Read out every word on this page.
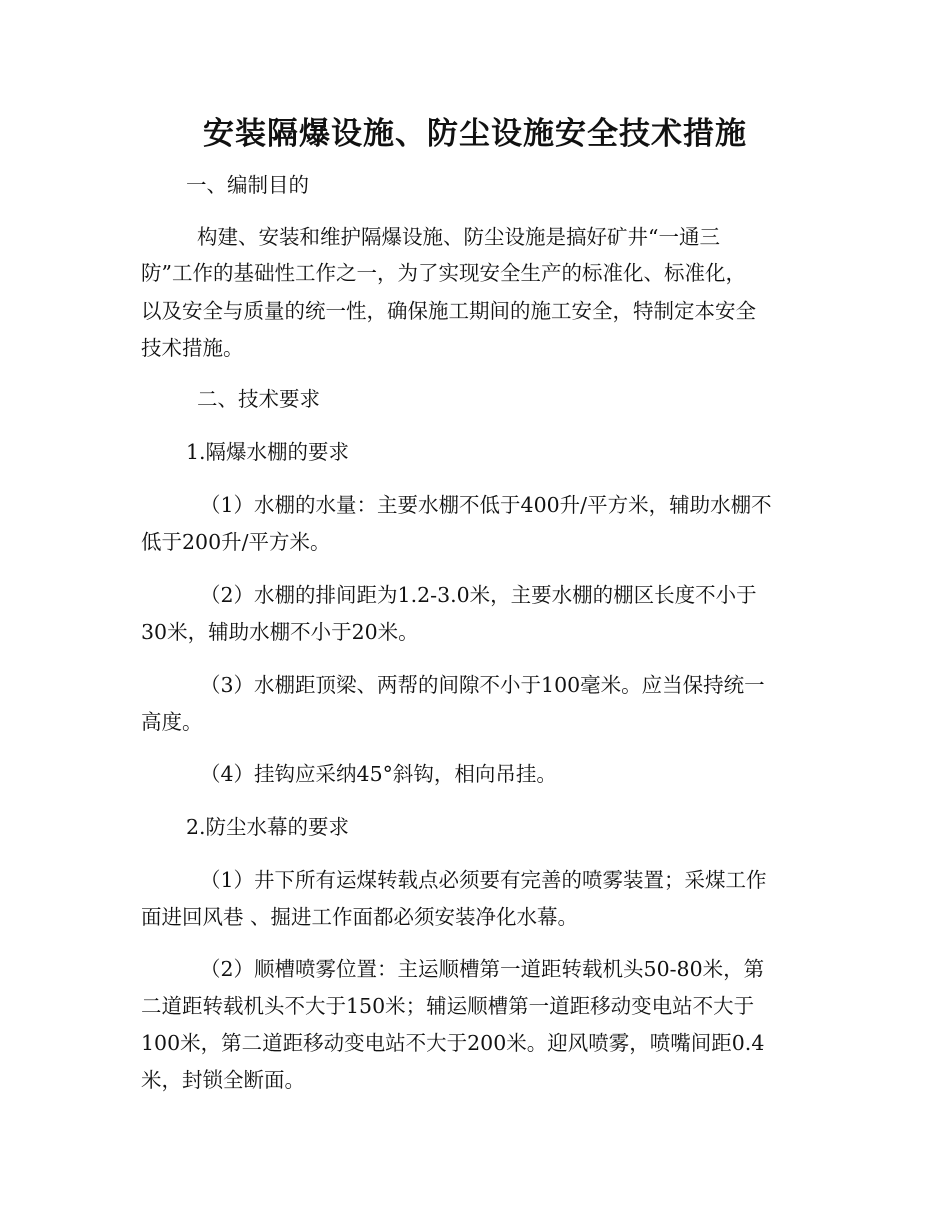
安装隔爆设施、防尘设施安全技术措施
一、编制目的
构建、安装和维护隔爆设施、防尘设施是搞好矿井“一通三
防”工作的基础性工作之一，为了实现安全生产的标准化、标准化，
以及安全与质量的统一性，确保施工期间的施工安全，特制定本安全
技术措施。
二、技术要求
1.隔爆水棚的要求
（1）水棚的水量：主要水棚不低于400升/平方米，辅助水棚不
低于200升/平方米。
（2）水棚的排间距为1.2-3.0米，主要水棚的棚区长度不小于
30米，辅助水棚不小于20米。
（3）水棚距顶梁、两帮的间隙不小于100毫米。应当保持统一
高度。
（4）挂钩应采纳45°斜钩，相向吊挂。
2.防尘水幕的要求
（1）井下所有运煤转载点必须要有完善的喷雾装置；采煤工作
面进回风巷 、掘进工作面都必须安装净化水幕。
（2）顺槽喷雾位置：主运顺槽第一道距转载机头50-80米，第
二道距转载机头不大于150米；辅运顺槽第一道距移动变电站不大于
100米，第二道距移动变电站不大于200米。迎风喷雾，喷嘴间距0.4
米，封锁全断面。
